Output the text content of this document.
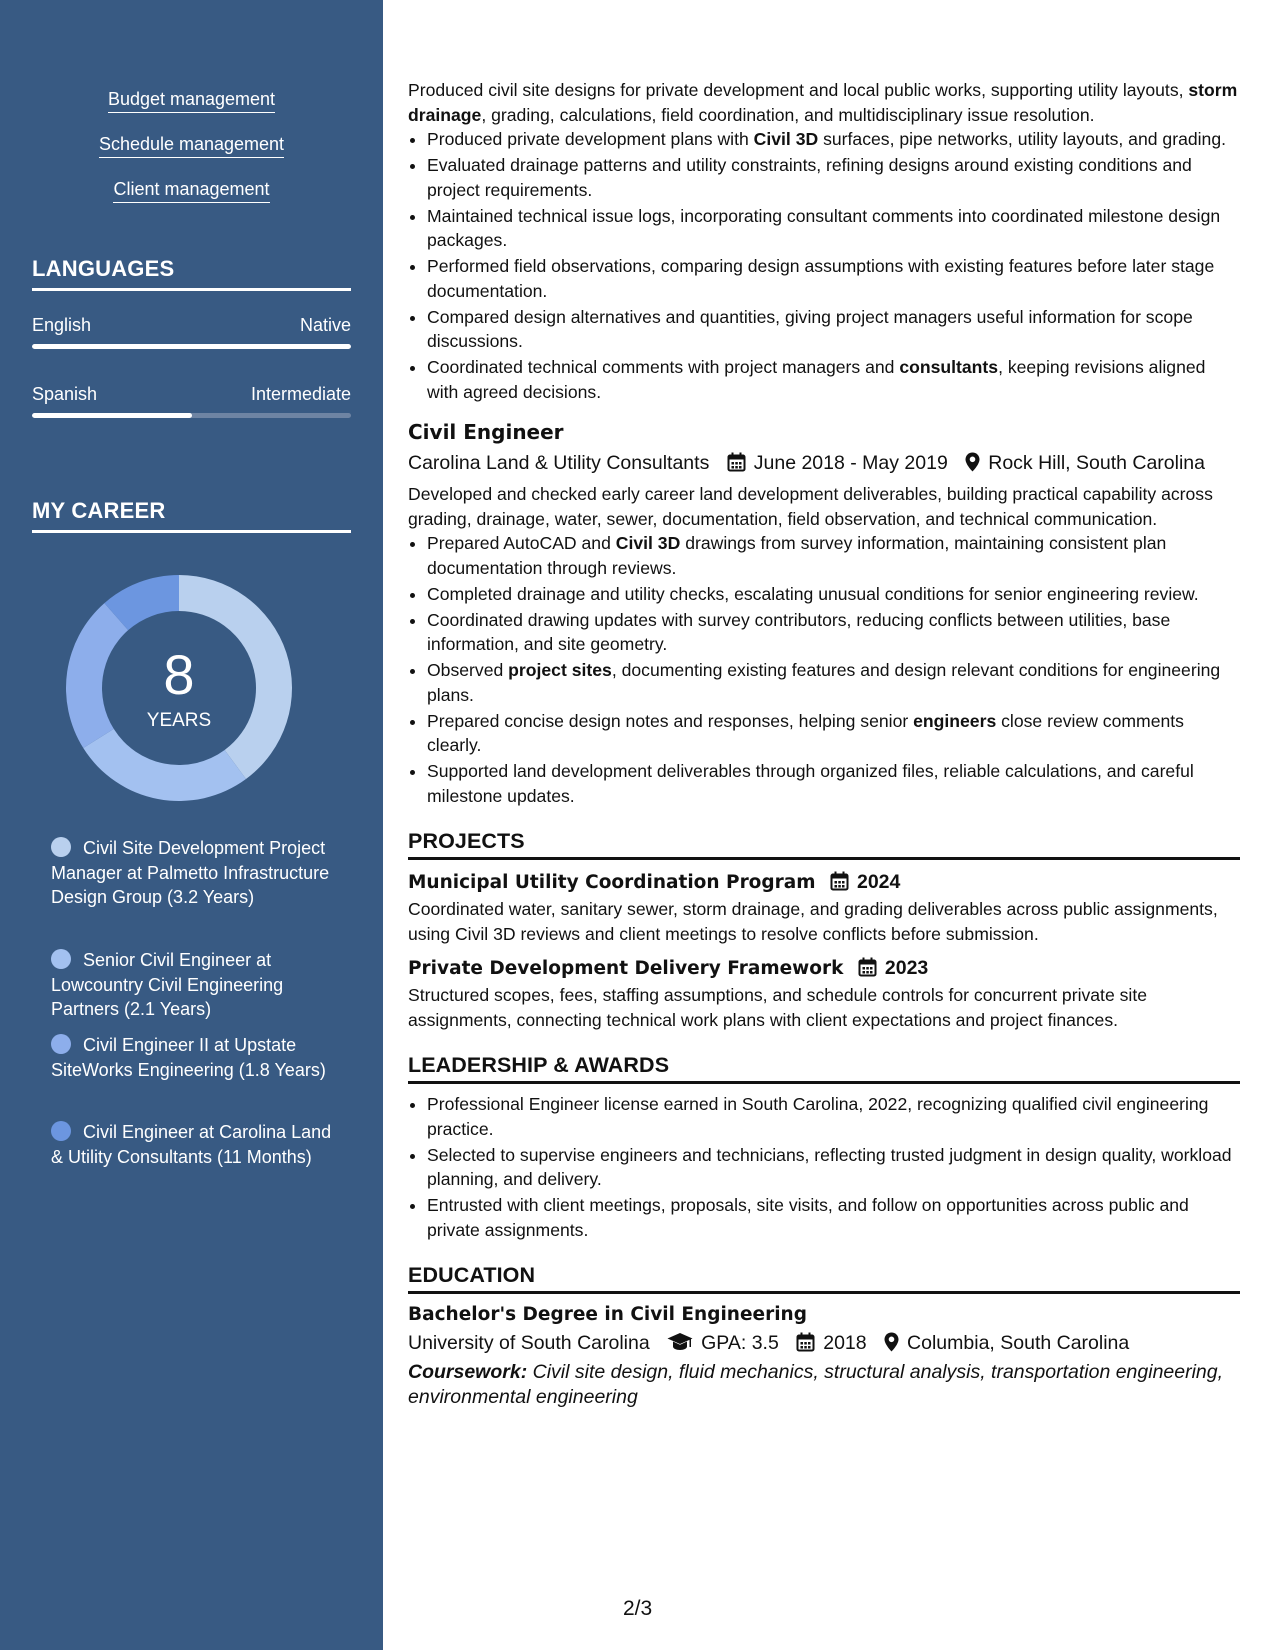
Budget management
Schedule management
Client management
LANGUAGES
English	Native
Spanish	Intermediate
MY CAREER
8
YEARS
Civil Site Development Project Manager at Palmetto Infrastructure Design Group (3.2 Years)
Senior Civil Engineer at Lowcountry Civil Engineering Partners (2.1 Years)
Civil Engineer II at Upstate SiteWorks Engineering (1.8 Years)
Civil Engineer at Carolina Land & Utility Consultants (11 Months)

Produced civil site designs for private development and local public works, supporting utility layouts, storm drainage, grading, calculations, field coordination, and multidisciplinary issue resolution.

• Produced private development plans with Civil 3D surfaces, pipe networks, utility layouts, and grading.
• Evaluated drainage patterns and utility constraints, refining designs around existing conditions and project requirements.
• Maintained technical issue logs, incorporating consultant comments into coordinated milestone design packages.
• Performed field observations, comparing design assumptions with existing features before later stage documentation.
• Compared design alternatives and quantities, giving project managers useful information for scope discussions.
• Coordinated technical comments with project managers and consultants, keeping revisions aligned with agreed decisions.
Civil Engineer
Carolina Land & Utility Consultants June 2018 - May 2019 Rock Hill, South Carolina

Developed and checked early career land development deliverables, building practical capability across grading, drainage, water, sewer, documentation, field observation, and technical communication.

• Prepared AutoCAD and Civil 3D drawings from survey information, maintaining consistent plan documentation through reviews.
• Completed drainage and utility checks, escalating unusual conditions for senior engineering review.
• Coordinated drawing updates with survey contributors, reducing conflicts between utilities, base information, and site geometry.
• Observed project sites, documenting existing features and design relevant conditions for engineering plans.
• Prepared concise design notes and responses, helping senior engineers close review comments clearly.
• Supported land development deliverables through organized files, reliable calculations, and careful milestone updates.
PROJECTS
Municipal Utility Coordination Program 2024

Coordinated water, sanitary sewer, storm drainage, and grading deliverables across public assignments, using Civil 3D reviews and client meetings to resolve conflicts before submission.

Private Development Delivery Framework 2023

Structured scopes, fees, staffing assumptions, and schedule controls for concurrent private site assignments, connecting technical work plans with client expectations and project finances.

LEADERSHIP & AWARDS
• Professional Engineer license earned in South Carolina, 2022, recognizing qualified civil engineering practice.
• Selected to supervise engineers and technicians, reflecting trusted judgment in design quality, workload planning, and delivery.
• Entrusted with client meetings, proposals, site visits, and follow on opportunities across public and private assignments.
EDUCATION
Bachelor's Degree in Civil Engineering
University of South Carolina	GPA: 3.5 2018 Columbia, South Carolina
Coursework: Civil site design, fluid mechanics, structural analysis, transportation engineering, environmental engineering
2/3
